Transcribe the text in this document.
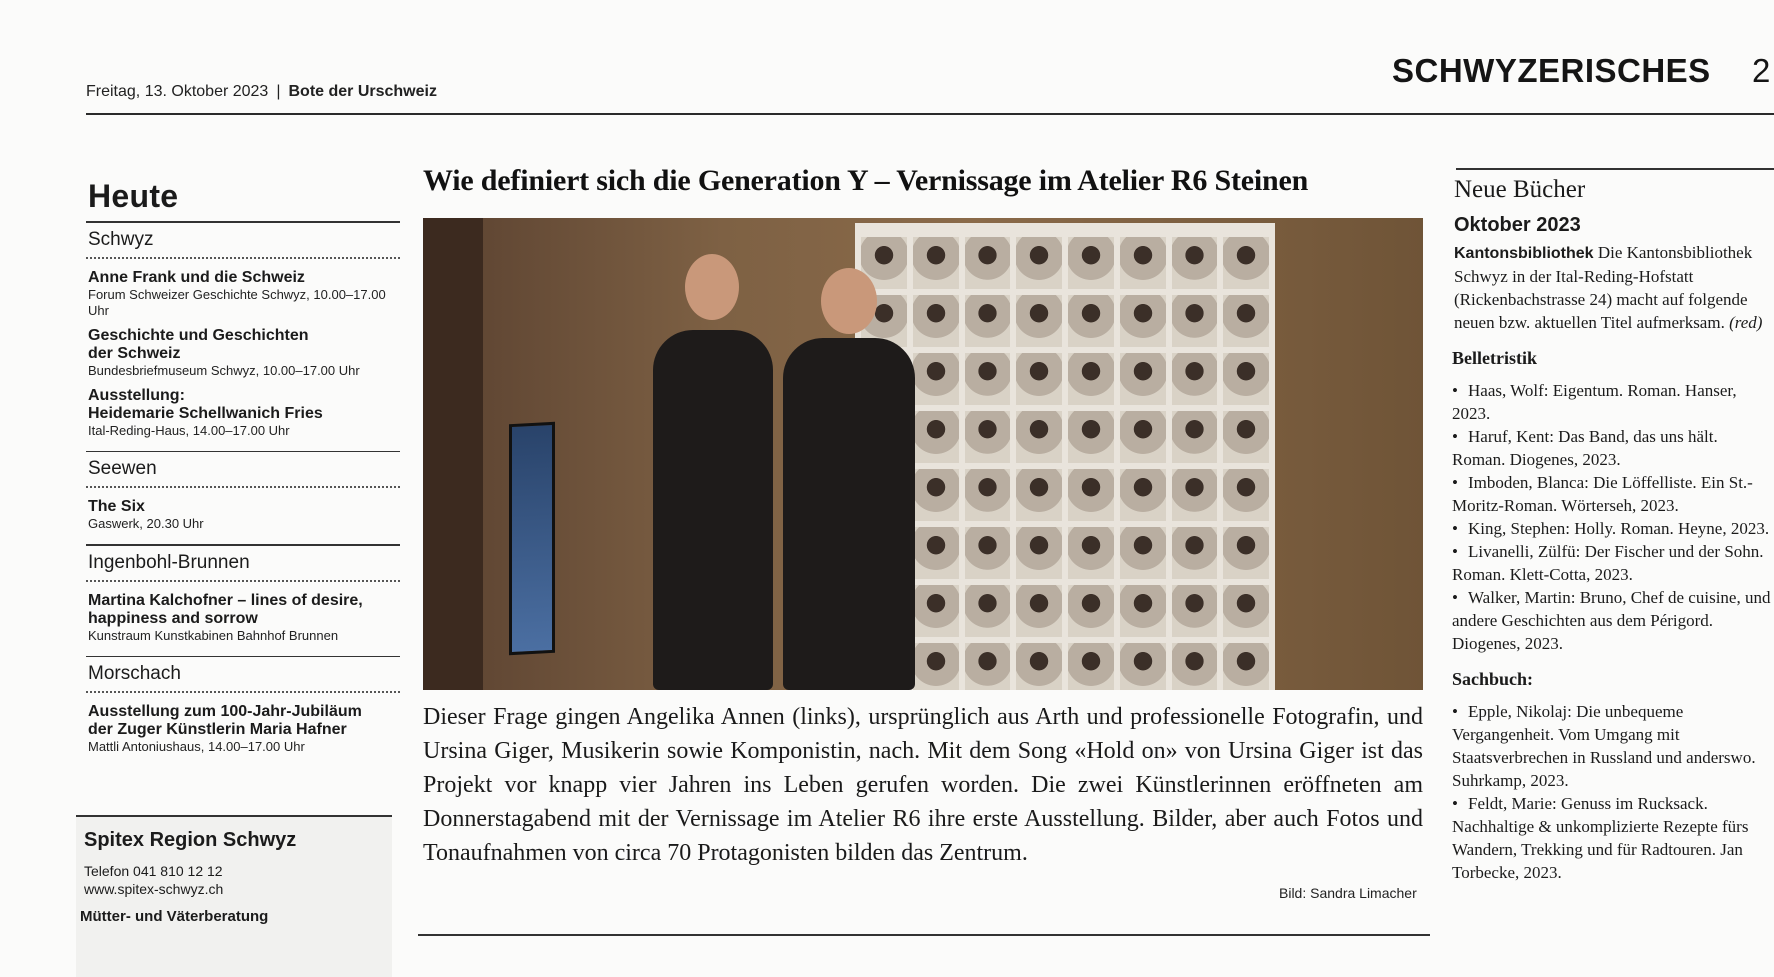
Freitag, 13. Oktober 2023 | Bote der Urschweiz
SCHWYZERISCHES 2
Heute
Schwyz
Anne Frank und die Schweiz
Forum Schweizer Geschichte Schwyz, 10.00–17.00 Uhr
Geschichte und Geschichten
der Schweiz
Bundesbriefmuseum Schwyz, 10.00–17.00 Uhr
Ausstellung:
Heidemarie Schellwanich Fries
Ital-Reding-Haus, 14.00–17.00 Uhr
Seewen
The Six
Gaswerk, 20.30 Uhr
Ingenbohl-Brunnen
Martina Kalchofner – lines of desire,
happiness and sorrow
Kunstraum Kunstkabinen Bahnhof Brunnen
Morschach
Ausstellung zum 100-Jahr-Jubiläum
der Zuger Künstlerin Maria Hafner
Mattli Antoniushaus, 14.00–17.00 Uhr
Spitex Region Schwyz
Telefon 041 810 12 12
www.spitex-schwyz.ch
Mütter- und Väterberatung
Wie definiert sich die Generation Y – Vernissage im Atelier R6 Steinen
Dieser Frage gingen Angelika Annen (links), ursprünglich aus Arth und professionelle Fotografin, und Ursina Giger, Musikerin sowie Komponistin, nach. Mit dem Song «Hold on» von Ursina Giger ist das Projekt vor knapp vier Jahren ins Leben gerufen worden. Die zwei Künstlerinnen eröffneten am Donnerstagabend mit der Vernissage im Atelier R6 ihre erste Ausstellung. Bilder, aber auch Fotos und Tonaufnahmen von circa 70 Protagonisten bilden das Zentrum.
Bild: Sandra Limacher
Neue Bücher
Oktober 2023
Kantonsbibliothek Die Kantonsbibliothek Schwyz in der Ital-Reding-Hofstatt (Rickenbachstrasse 24) macht auf folgende neuen bzw. aktuellen Titel aufmerksam. (red)
Belletristik
• Haas, Wolf: Eigentum. Roman. Hanser, 2023.
• Haruf, Kent: Das Band, das uns hält. Roman. Diogenes, 2023.
• Imboden, Blanca: Die Löffelliste. Ein St.-Moritz-Roman. Wörterseh, 2023.
• King, Stephen: Holly. Roman. Heyne, 2023.
• Livanelli, Zülfü: Der Fischer und der Sohn. Roman. Klett-Cotta, 2023.
• Walker, Martin: Bruno, Chef de cuisine, und andere Geschichten aus dem Périgord. Diogenes, 2023.
Sachbuch:
• Epple, Nikolaj: Die unbequeme Vergangenheit. Vom Umgang mit Staatsverbrechen in Russland und anderswo. Suhrkamp, 2023.
• Feldt, Marie: Genuss im Rucksack. Nachhaltige & unkomplizierte Rezepte fürs Wandern, Trekking und für Radtouren. Jan Torbecke, 2023.
